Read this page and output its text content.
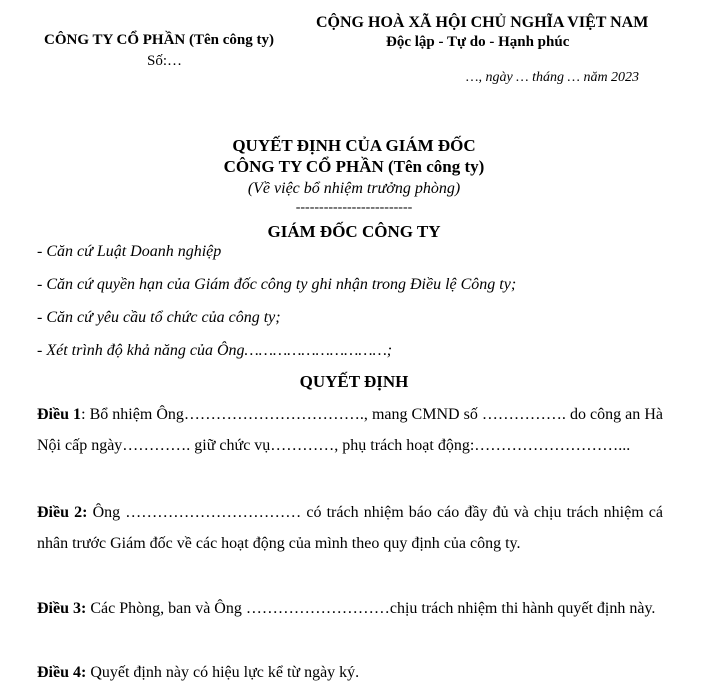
CÔNG TY CỔ PHẦN (Tên công ty)
Số:…
CỘNG HOÀ XÃ HỘI CHỦ NGHĨA VIỆT NAM
Độc lập - Tự do - Hạnh phúc
…, ngày … tháng … năm 2023
QUYẾT ĐỊNH CỦA GIÁM ĐỐC
CÔNG TY CỔ PHẦN (Tên công ty)
(Về việc bổ nhiệm trưởng phòng)
-------------------------
GIÁM ĐỐC CÔNG TY
- Căn cứ Luật Doanh nghiệp
- Căn cứ quyền hạn của Giám đốc công ty ghi nhận trong Điều lệ Công ty;
- Căn cứ yêu cầu tổ chức của công ty;
- Xét trình độ khả năng của Ông…………………………;
QUYẾT ĐỊNH
Điều 1: Bổ nhiệm Ông……………………………., mang CMND số ……………. do công an Hà Nội cấp ngày…………. giữ chức vụ…………, phụ trách hoạt động:………………………...
Điều 2: Ông …………………………… có trách nhiệm báo cáo đầy đủ và chịu trách nhiệm cá nhân trước Giám đốc về các hoạt động của mình theo quy định của công ty.
Điều 3: Các Phòng, ban và Ông ………………………chịu trách nhiệm thi hành quyết định này.
Điều 4: Quyết định này có hiệu lực kể từ ngày ký.
